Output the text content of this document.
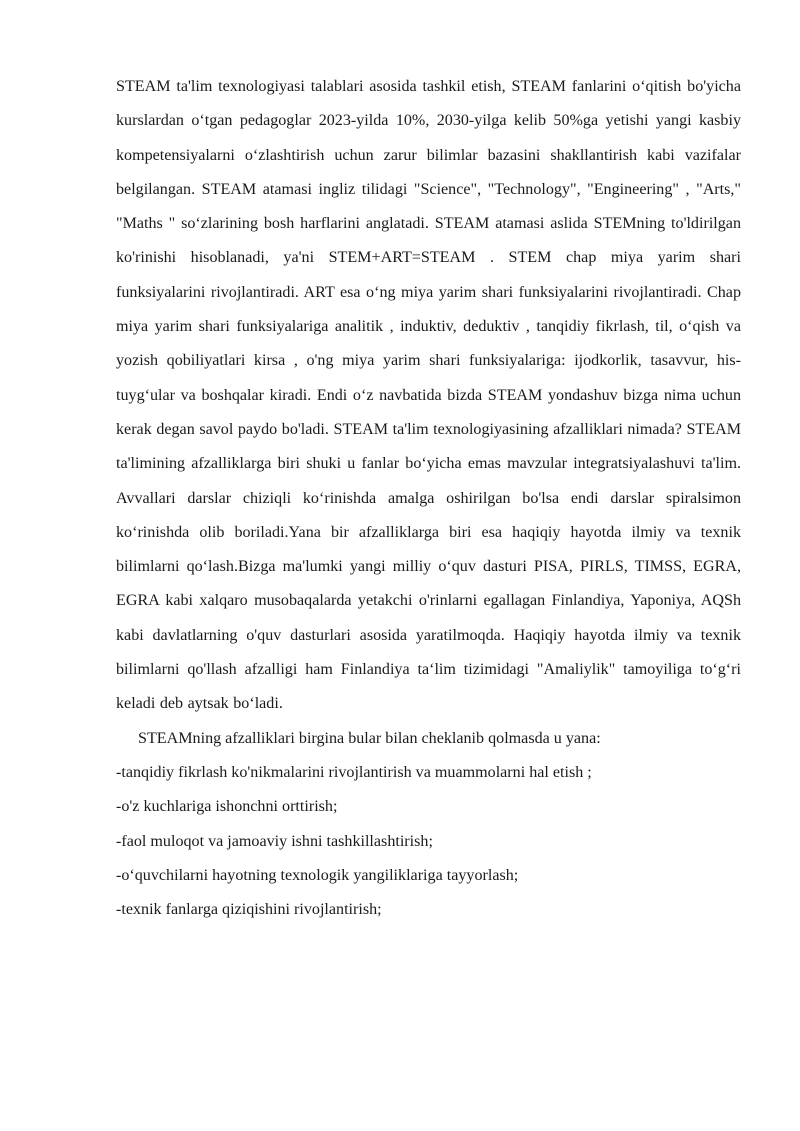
STEAM ta'lim texnologiyasi talablari asosida tashkil etish, STEAM fanlarini o‘qitish bo'yicha kurslardan o‘tgan pedagoglar 2023-yilda 10%, 2030-yilga kelib 50%ga yetishi yangi kasbiy kompetensiyalarni o‘zlashtirish uchun zarur bilimlar bazasini shakllantirish kabi vazifalar belgilangan. STEAM atamasi ingliz tilidagi "Science", "Technology", "Engineering" , "Arts," "Maths " so‘zlarining bosh harflarini anglatadi. STEAM atamasi aslida STEMning to'ldirilgan ko'rinishi hisoblanadi, ya'ni STEM+ART=STEAM . STEM chap miya yarim shari funksiyalarini rivojlantiradi. ART esa o‘ng miya yarim shari funksiyalarini rivojlantiradi. Chap miya yarim shari funksiyalariga analitik , induktiv, deduktiv , tanqidiy fikrlash, til, o‘qish va yozish qobiliyatlari kirsa , o'ng miya yarim shari funksiyalariga: ijodkorlik, tasavvur, his-tuyg‘ular va boshqalar kiradi. Endi o‘z navbatida bizda STEAM yondashuv bizga nima uchun kerak degan savol paydo bo'ladi. STEAM ta'lim texnologiyasining afzalliklari nimada? STEAM ta'limining afzalliklarga biri shuki u fanlar bo‘yicha emas mavzular integratsiyalashuvi ta'lim. Avvallari darslar chiziqli ko‘rinishda amalga oshirilgan bo'lsa endi darslar spiralsimon ko‘rinishda olib boriladi.Yana bir afzalliklarga biri esa haqiqiy hayotda ilmiy va texnik bilimlarni qo‘lash.Bizga ma'lumki yangi milliy o‘quv dasturi PISA, PIRLS, TIMSS, EGRA, EGRA kabi xalqaro musobaqalarda yetakchi o'rinlarni egallagan Finlandiya, Yaponiya, AQSh kabi davlatlarning o'quv dasturlari asosida yaratilmoqda. Haqiqiy hayotda ilmiy va texnik bilimlarni qo'llash afzalligi ham Finlandiya ta‘lim tizimidagi "Amaliylik" tamoyiliga to‘g‘ri keladi deb aytsak bo‘ladi.

STEAMning afzalliklari birgina bular bilan cheklanib qolmasda u yana:

-tanqidiy fikrlash ko'nikmalarini rivojlantirish va muammolarni hal etish ;
-o'z kuchlariga ishonchni orttirish;
-faol muloqot va jamoaviy ishni tashkillashtirish;
-o‘quvchilarni hayotning texnologik yangiliklariga tayyorlash;
-texnik fanlarga qiziqishini rivojlantirish;
